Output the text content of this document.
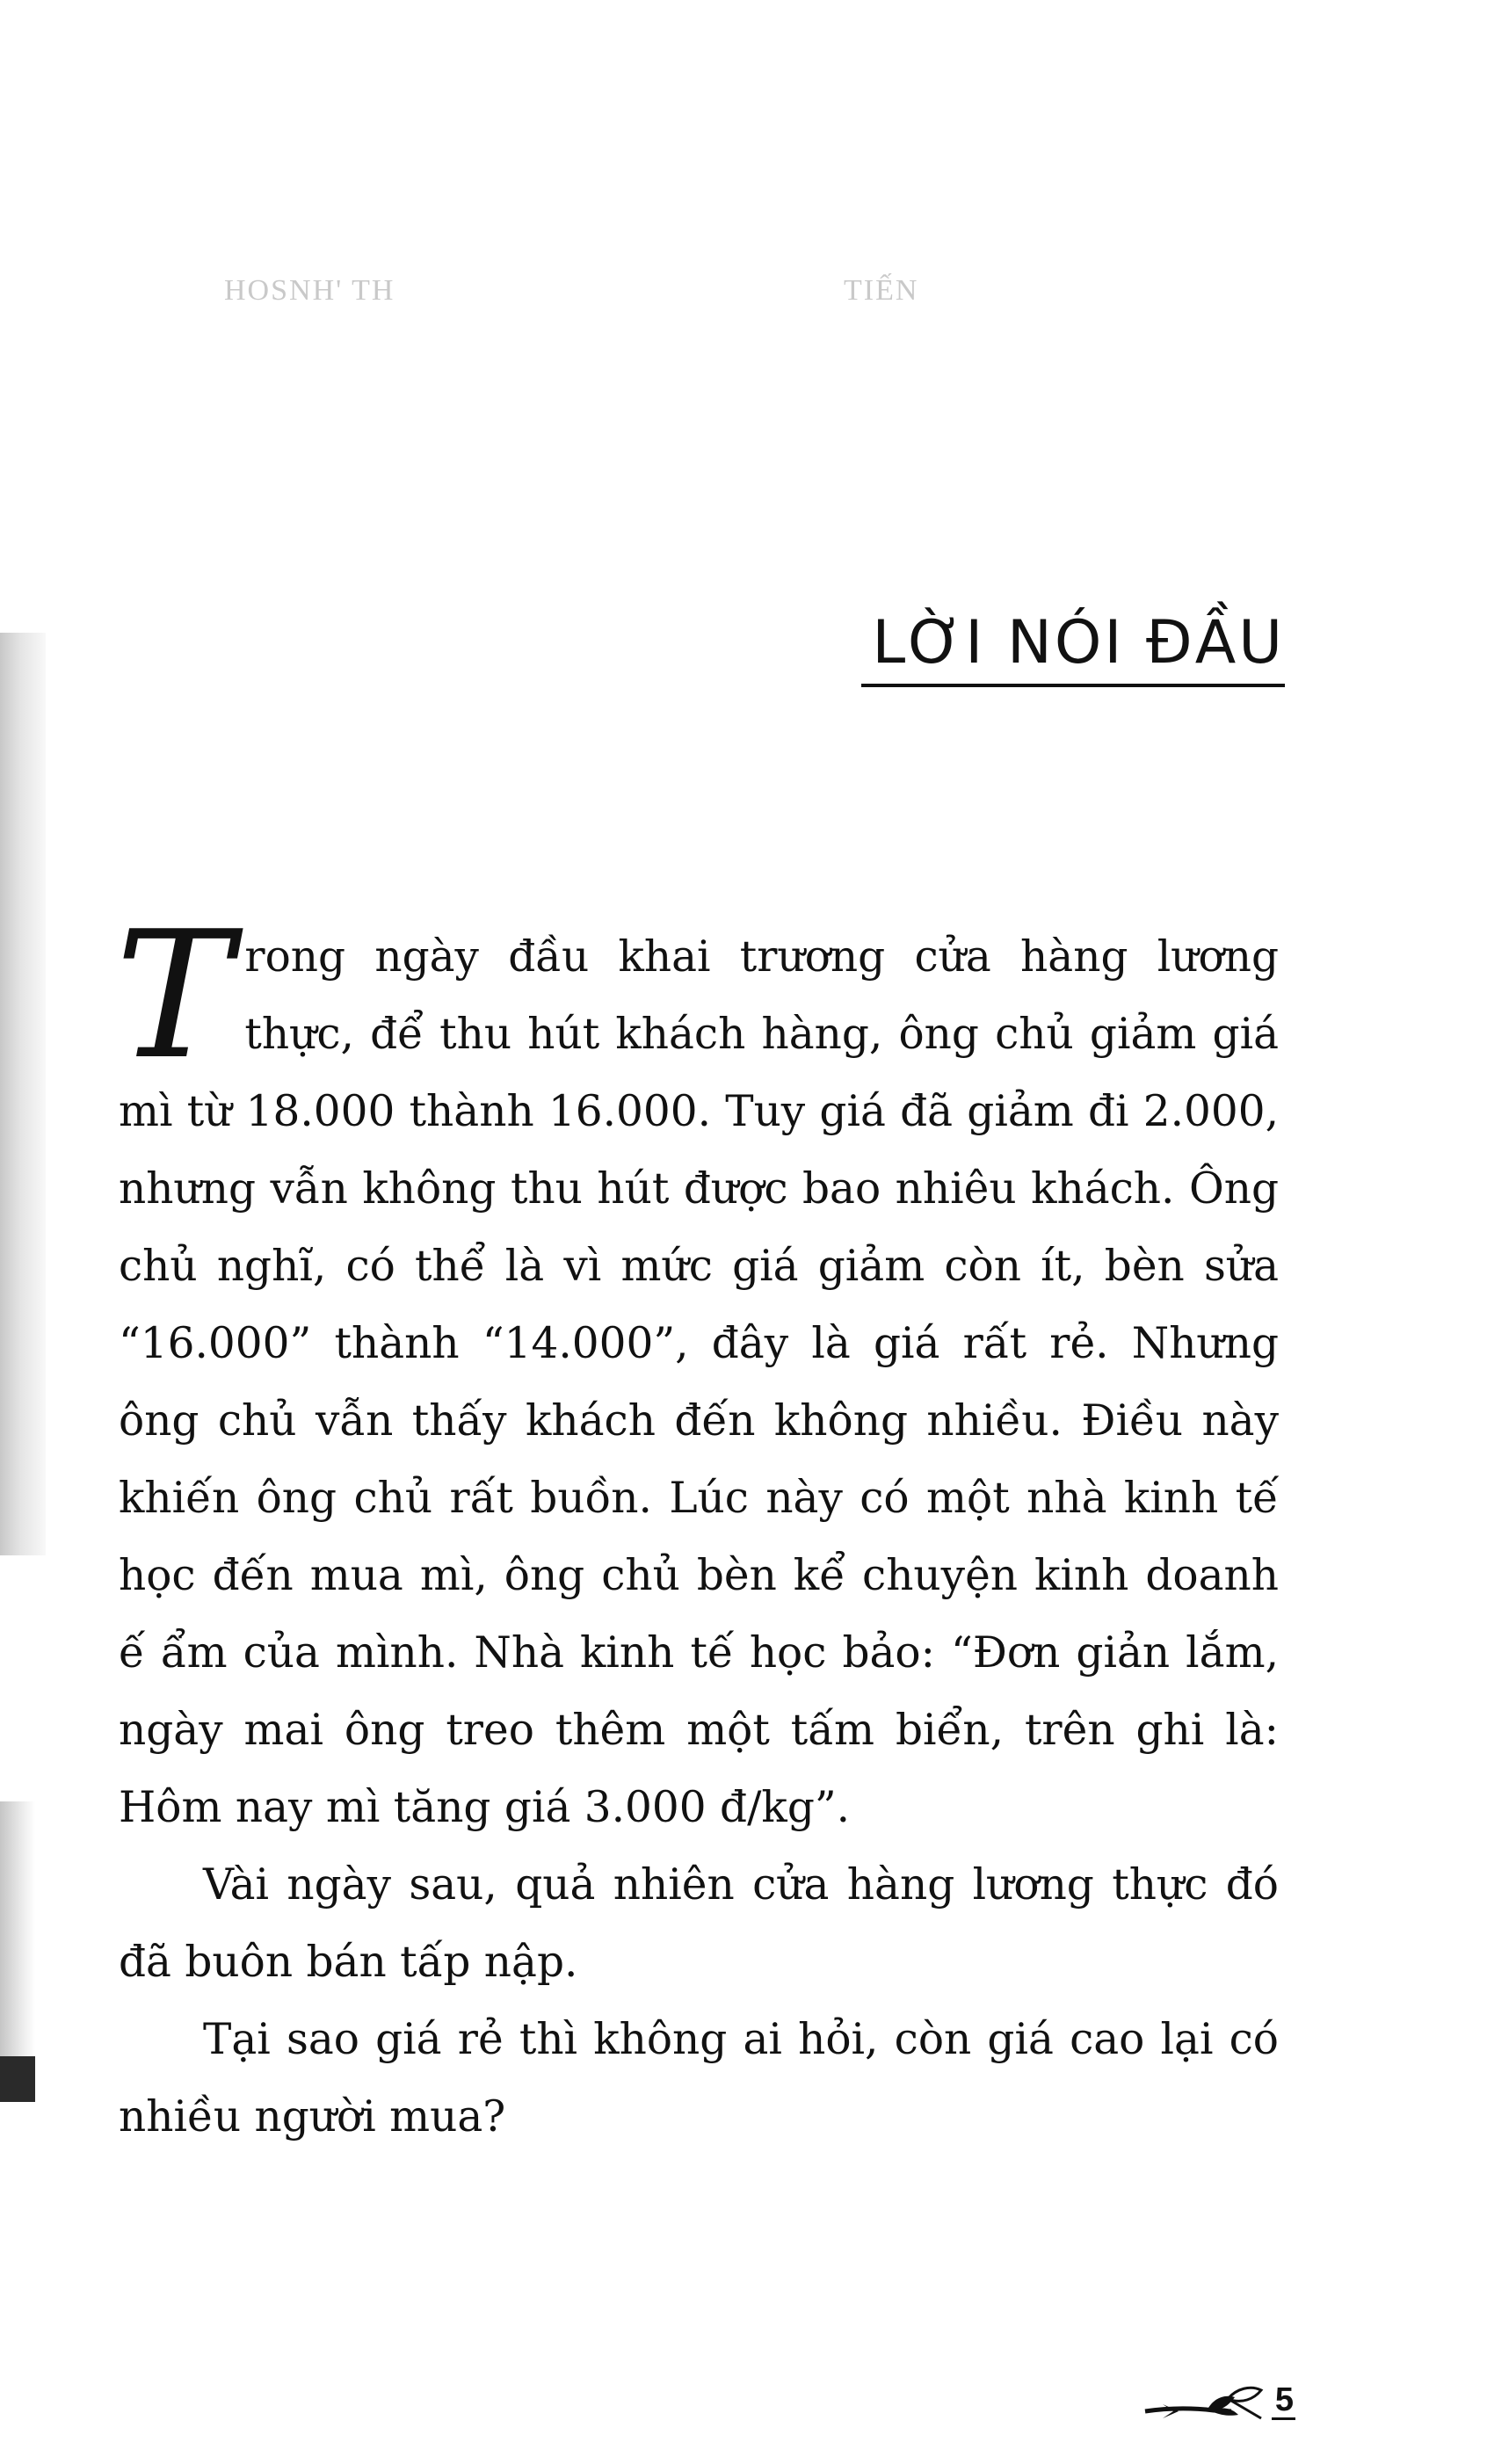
HOSNH' TH	TIẾN
LỜI NÓI ĐẦU

Trong ngày đầu khai trương cửa hàng lương thực, để thu hút khách hàng, ông chủ giảm giá mì từ 18.000 thành 16.000. Tuy giá đã giảm đi 2.000, nhưng vẫn không thu hút được bao nhiêu khách. Ông chủ nghĩ, có thể là vì mức giá giảm còn ít, bèn sửa “16.000” thành “14.000”, đây là giá rất rẻ. Nhưng ông chủ vẫn thấy khách đến không nhiều. Điều này khiến ông chủ rất buồn. Lúc này có một nhà kinh tế học đến mua mì, ông chủ bèn kể chuyện kinh doanh ế ẩm của mình. Nhà kinh tế học bảo: “Đơn giản lắm, ngày mai ông treo thêm một tấm biển, trên ghi là: Hôm nay mì tăng giá 3.000 đ/kg”.

Vài ngày sau, quả nhiên cửa hàng lương thực đó đã buôn bán tấp nập.

Tại sao giá rẻ thì không ai hỏi, còn giá cao lại có nhiều người mua?

5
